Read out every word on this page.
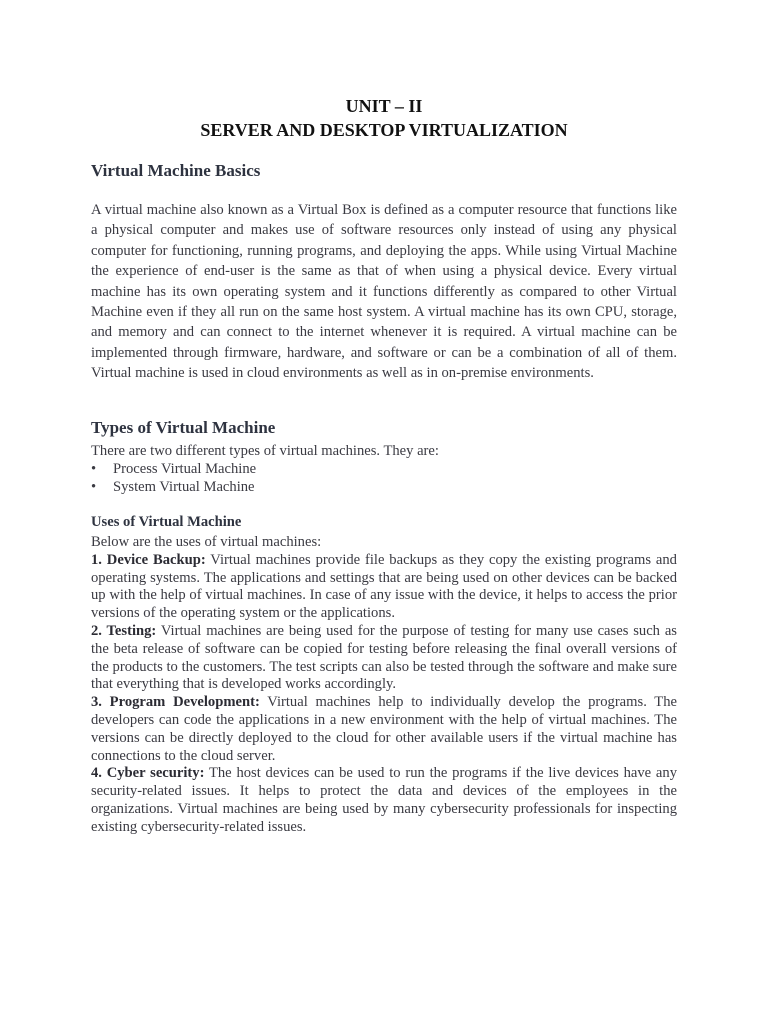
UNIT – II
SERVER AND DESKTOP VIRTUALIZATION
Virtual Machine Basics

A virtual machine also known as a Virtual Box is defined as a computer resource that functions like a physical computer and makes use of software resources only instead of using any physical computer for functioning, running programs, and deploying the apps. While using Virtual Machine the experience of end-user is the same as that of when using a physical device. Every virtual machine has its own operating system and it functions differently as compared to other Virtual Machine even if they all run on the same host system. A virtual machine has its own CPU, storage, and memory and can connect to the internet whenever it is required. A virtual machine can be implemented through firmware, hardware, and software or can be a combination of all of them. Virtual machine is used in cloud environments as well as in on-premise environments.

Types of Virtual Machine

There are two different types of virtual machines. They are:

• Process Virtual Machine
• System Virtual Machine
Uses of Virtual Machine

Below are the uses of virtual machines:

1. Device Backup: Virtual machines provide file backups as they copy the existing programs and operating systems. The applications and settings that are being used on other devices can be backed up with the help of virtual machines. In case of any issue with the device, it helps to access the prior versions of the operating system or the applications.

2. Testing: Virtual machines are being used for the purpose of testing for many use cases such as the beta release of software can be copied for testing before releasing the final overall versions of the products to the customers. The test scripts can also be tested through the software and make sure that everything that is developed works accordingly.

3. Program Development: Virtual machines help to individually develop the programs. The developers can code the applications in a new environment with the help of virtual machines. The versions can be directly deployed to the cloud for other available users if the virtual machine has connections to the cloud server.

4. Cyber security: The host devices can be used to run the programs if the live devices have any security-related issues. It helps to protect the data and devices of the employees in the organizations. Virtual machines are being used by many cybersecurity professionals for inspecting existing cybersecurity-related issues.
